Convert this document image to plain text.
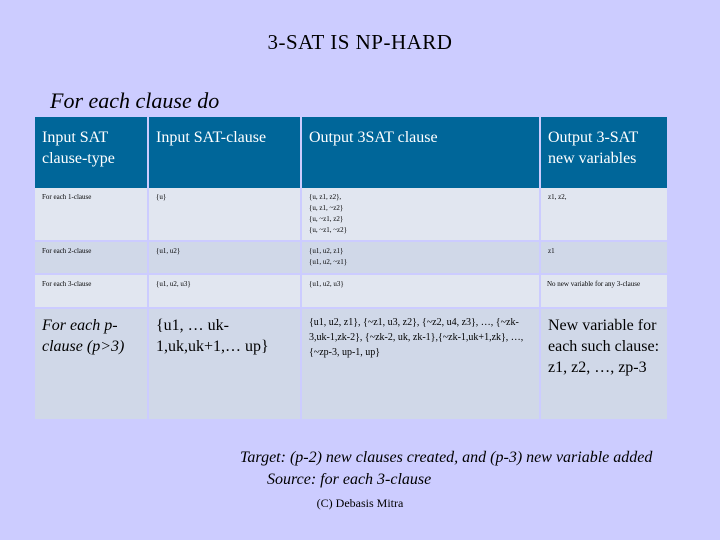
3-SAT IS NP-HARD
For each clause do
Input SAT clause-type	Input SAT-clause	Output 3SAT clause	Output 3-SAT new variables
For each 1-clause	{u}	{u, z1, z2},
{u, z1, ~z2}
{u, ~z1, z2}
{u, ~z1, ~z2}	z1, z2,
For each 2-clause	{u1, u2}	{u1, u2, z1}
{u1, u2, ~z1}	z1
For each 3-clause	{u1, u2, u3}	{u1, u2, u3}	No new variable for any 3-clause
For each p-clause (p>3)	{u1, … uk-1,uk,uk+1,… up}	{u1, u2, z1}, {~z1, u3, z2}, {~z2, u4, z3}, …, {~zk-3,uk-1,zk-2}, {~zk-2, uk, zk-1},{~zk-1,uk+1,zk}, …, {~zp-3, up-1, up}	New variable for each such clause: z1, z2, …, zp-3
Target: (p-2) new clauses created, and (p-3) new variable added
Source: for each 3-clause
(C) Debasis Mitra
